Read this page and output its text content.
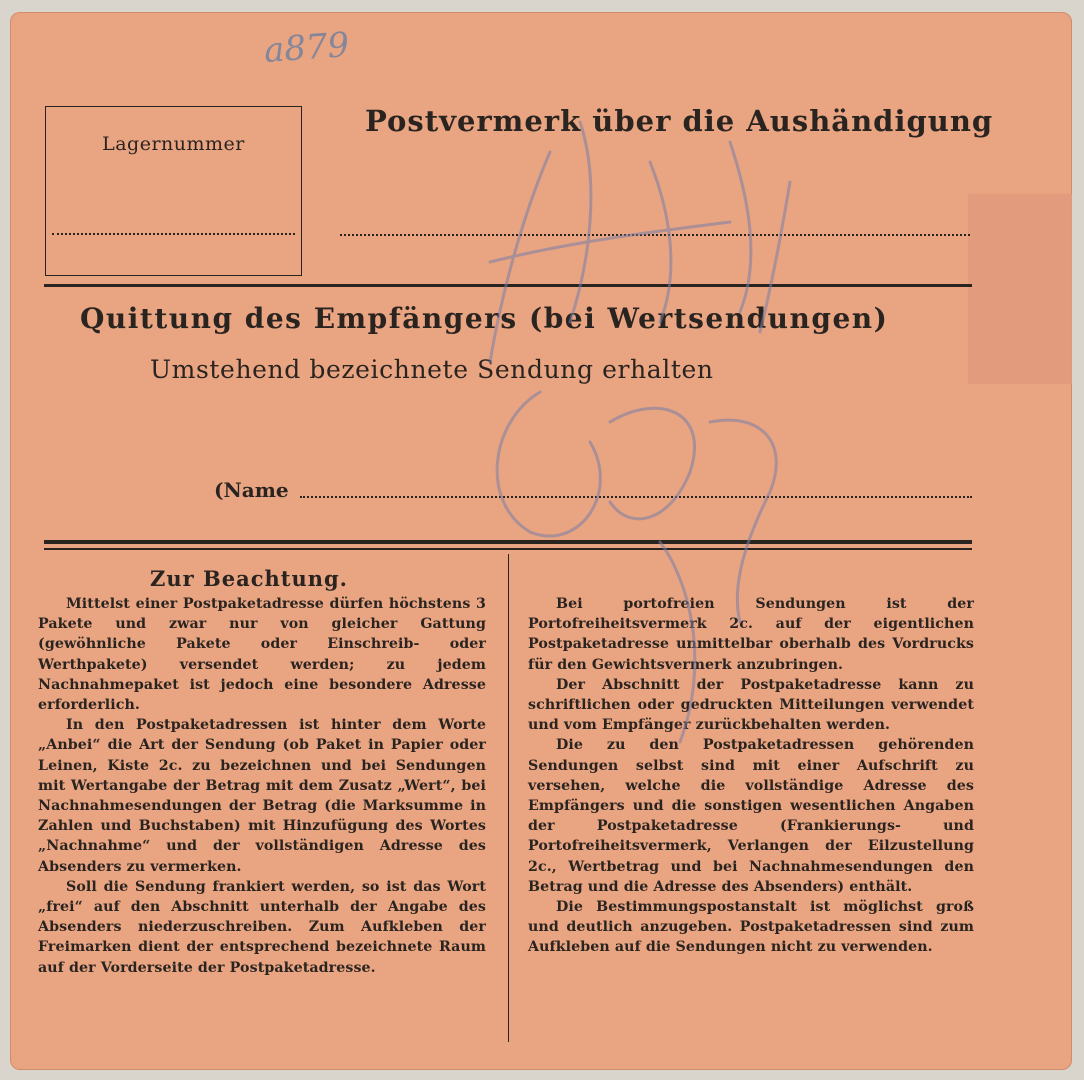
a879
Lagernummer
Postvermerk über die Aushändigung
Quittung des Empfängers (bei Wertsendungen)
Umstehend bezeichnete Sendung erhalten
(Name
Zur Beachtung.

Mittelst einer Postpaketadresse dürfen höchstens 3 Pakete und zwar nur von gleicher Gattung (gewöhnliche Pakete oder Einschreib- oder Werthpakete) versendet werden; zu jedem Nachnahmepaket ist jedoch eine besondere Adresse erforderlich.

In den Postpaketadressen ist hinter dem Worte „Anbei“ die Art der Sendung (ob Paket in Papier oder Leinen, Kiste 2c. zu bezeichnen und bei Sendungen mit Wertangabe der Betrag mit dem Zusatz „Wert“, bei Nachnahmesendungen der Betrag (die Marksumme in Zahlen und Buchstaben) mit Hinzufügung des Wortes „Nachnahme“ und der vollständigen Adresse des Absenders zu vermerken.

Soll die Sendung frankiert werden, so ist das Wort „frei“ auf den Abschnitt unterhalb der Angabe des Absenders niederzuschreiben. Zum Aufkleben der Freimarken dient der entsprechend bezeichnete Raum auf der Vorderseite der Postpaketadresse.

Bei portofreien Sendungen ist der Portofreiheitsvermerk 2c. auf der eigentlichen Postpaketadresse unmittelbar oberhalb des Vordrucks für den Gewichtsvermerk anzubringen.

Der Abschnitt der Postpaketadresse kann zu schriftlichen oder gedruckten Mitteilungen verwendet und vom Empfänger zurückbehalten werden.

Die zu den Postpaketadressen gehörenden Sendungen selbst sind mit einer Aufschrift zu versehen, welche die vollständige Adresse des Empfängers und die sonstigen wesentlichen Angaben der Postpaketadresse (Frankierungs- und Portofreiheitsvermerk, Verlangen der Eilzustellung 2c., Wertbetrag und bei Nachnahmesendungen den Betrag und die Adresse des Absenders) enthält.

Die Bestimmungspostanstalt ist möglichst groß und deutlich anzugeben. Postpaketadressen sind zum Aufkleben auf die Sendungen nicht zu verwenden.
